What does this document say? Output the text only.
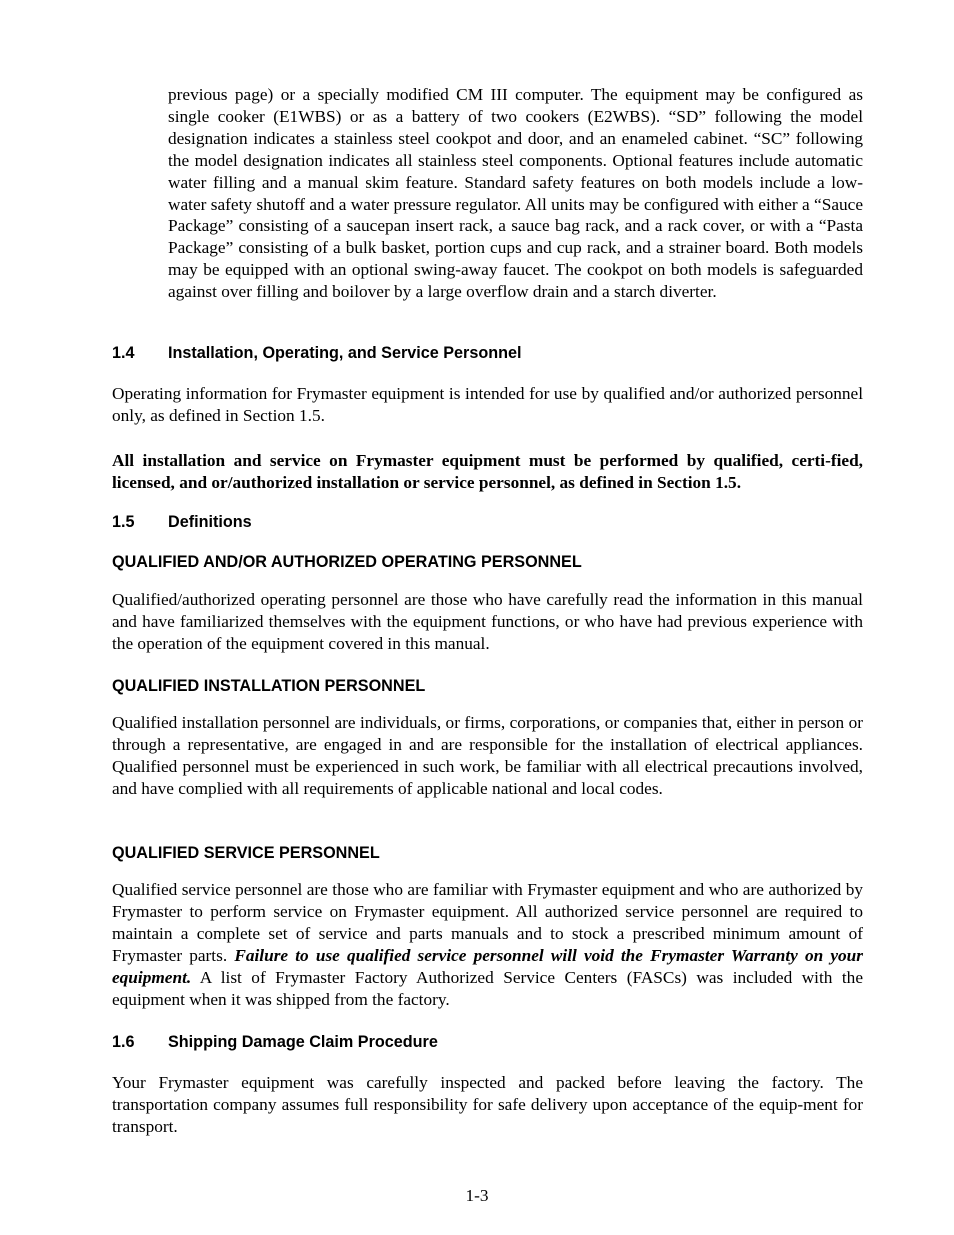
previous page) or a specially modified CM III computer. The equipment may be configured as single cooker (E1WBS) or as a battery of two cookers (E2WBS). “SD” following the model designation indicates a stainless steel cookpot and door, and an enameled cabinet. “SC” following the model designation indicates all stainless steel components. Optional features include automatic water filling and a manual skim feature. Standard safety features on both models include a low-water safety shutoff and a water pressure regulator. All units may be configured with either a “Sauce Package” consisting of a saucepan insert rack, a sauce bag rack, and a rack cover, or with a “Pasta Package” consisting of a bulk basket, portion cups and cup rack, and a strainer board. Both models may be equipped with an optional swing-away faucet. The cookpot on both models is safeguarded against over filling and boilover by a large overflow drain and a starch diverter.

1.4 Installation, Operating, and Service Personnel

Operating information for Frymaster equipment is intended for use by qualified and/or authorized personnel only, as defined in Section 1.5.

All installation and service on Frymaster equipment must be performed by qualified, certi-fied, licensed, and or/authorized installation or service personnel, as defined in Section 1.5.

1.5 Definitions
QUALIFIED AND/OR AUTHORIZED OPERATING PERSONNEL

Qualified/authorized operating personnel are those who have carefully read the information in this manual and have familiarized themselves with the equipment functions, or who have had previous experience with the operation of the equipment covered in this manual.

QUALIFIED INSTALLATION PERSONNEL

Qualified installation personnel are individuals, or firms, corporations, or companies that, either in person or through a representative, are engaged in and are responsible for the installation of electrical appliances. Qualified personnel must be experienced in such work, be familiar with all electrical precautions involved, and have complied with all requirements of applicable national and local codes.

QUALIFIED SERVICE PERSONNEL

Qualified service personnel are those who are familiar with Frymaster equipment and who are authorized by Frymaster to perform service on Frymaster equipment. All authorized service personnel are required to maintain a complete set of service and parts manuals and to stock a prescribed minimum amount of Frymaster parts. Failure to use qualified service personnel will void the Frymaster Warranty on your equipment. A list of Frymaster Factory Authorized Service Centers (FASCs) was included with the equipment when it was shipped from the factory.

1.6 Shipping Damage Claim Procedure

Your Frymaster equipment was carefully inspected and packed before leaving the factory. The transportation company assumes full responsibility for safe delivery upon acceptance of the equip-ment for transport.

1-3
